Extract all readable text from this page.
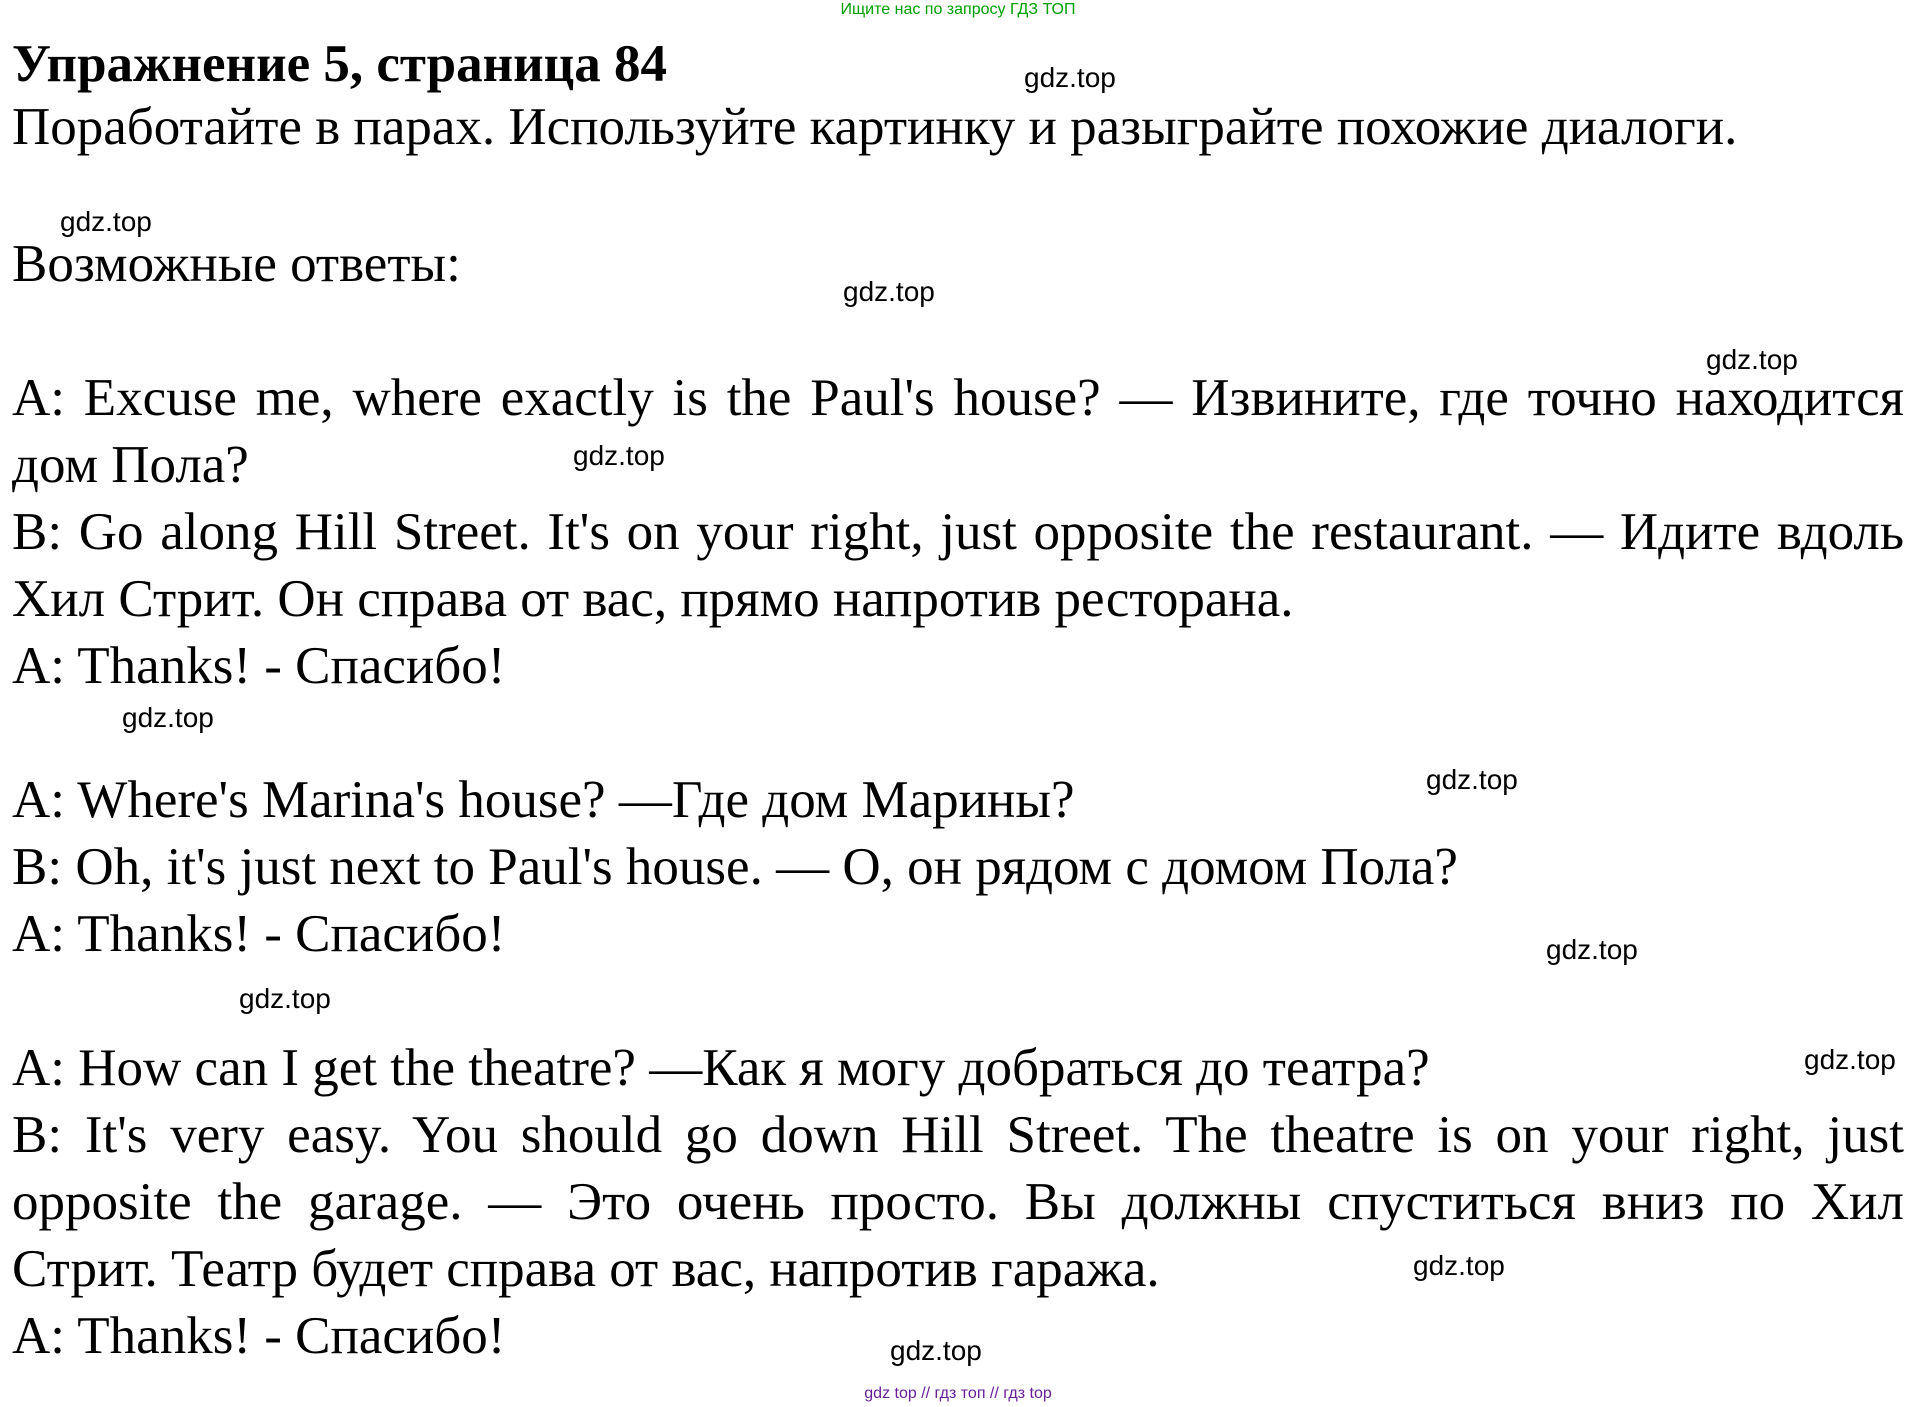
Ищите нас по запросу ГДЗ ТОП

Упражнение 5, страница 84

Поработайте в парах. Используйте картинку и разыграйте похожие диалоги.

Возможные ответы:

A: Excuse me, where exactly is the Paul's house? — Извините, где точно находится дом Пола?
B: Go along Hill Street. It's on your right, just opposite the restaurant. — Идите вдоль Хил Стрит. Он справа от вас, прямо напротив ресторана.
A: Thanks! - Спасибо!
A: Where's Marina's house? —Где дом Марины?
B: Oh, it's just next to Paul's house. — О, он рядом с домом Пола?
A: Thanks! - Спасибо!
A: How can I get the theatre? —Как я могу добраться до театра?
B: It's very easy. You should go down Hill Street. The theatre is on your right, just opposite the garage. — Это очень просто. Вы должны спуститься вниз по Хил Стрит. Театр будет справа от вас, напротив гаража.
A: Thanks! - Спасибо!
gdz.top
gdz.top
gdz.top
gdz.top
gdz.top
gdz.top
gdz.top
gdz.top
gdz.top
gdz.top
gdz.top
gdz.top
gdz top // гдз топ // гдз top
